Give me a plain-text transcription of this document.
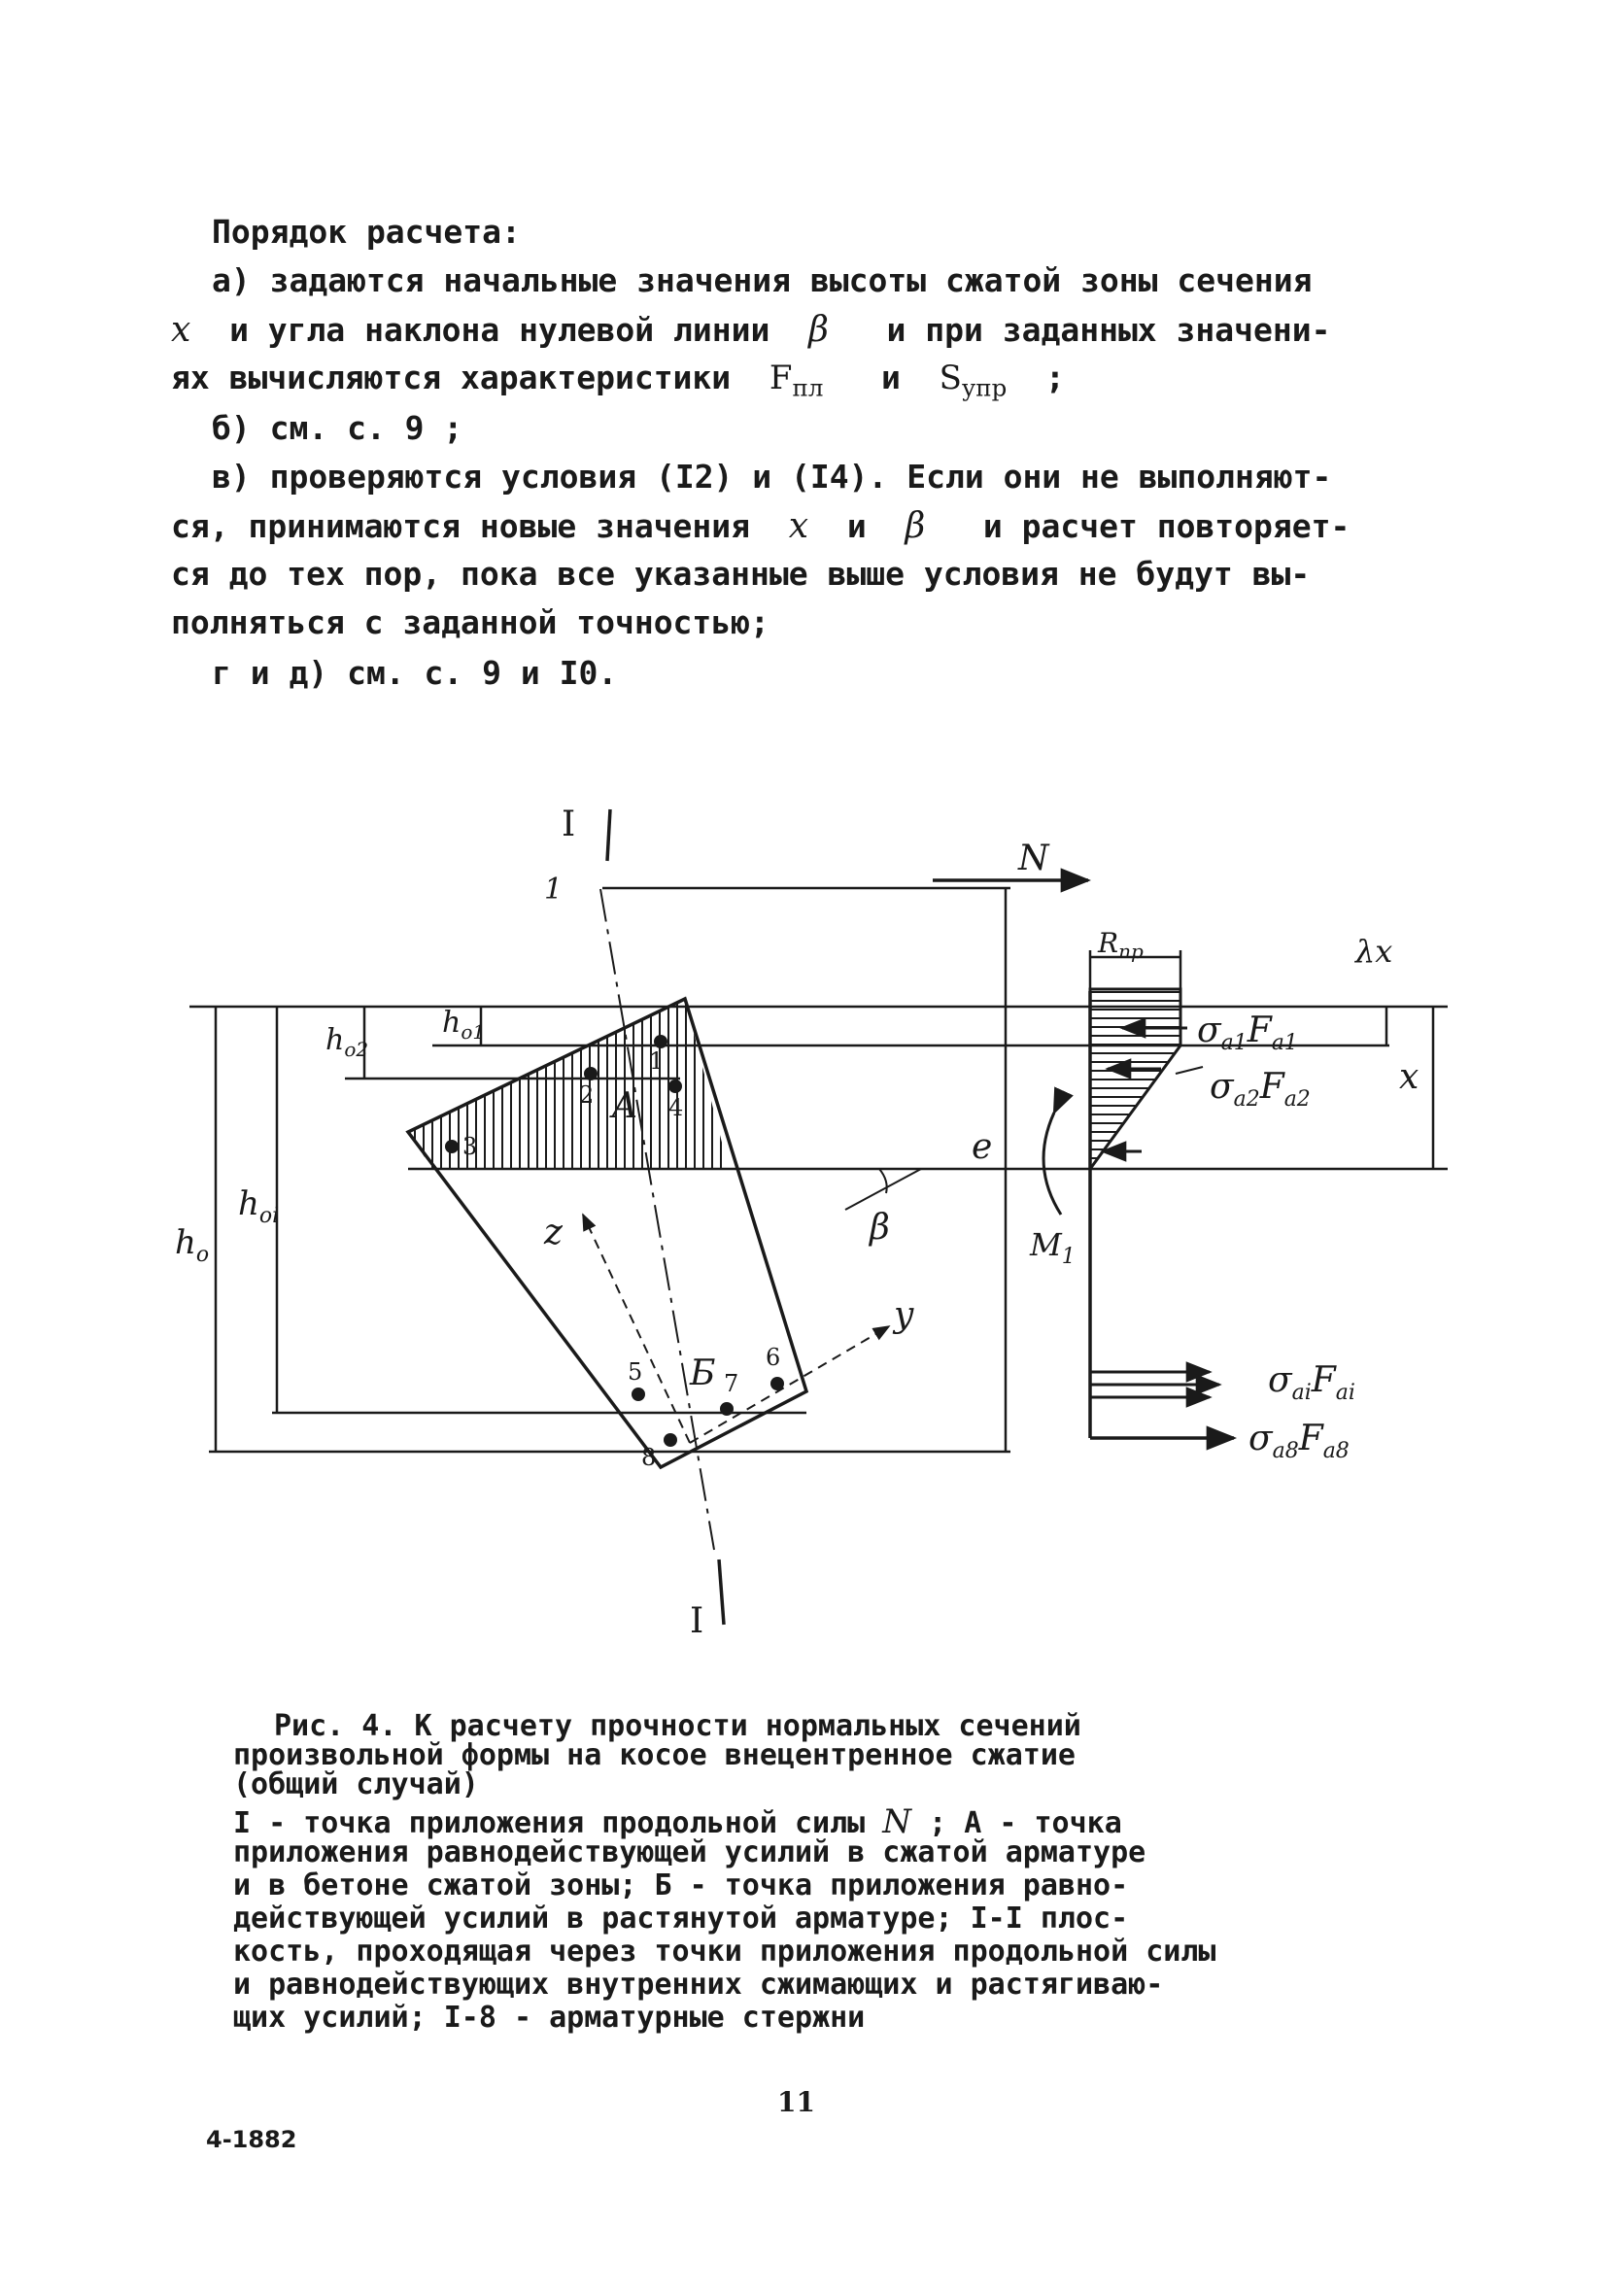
Порядок расчета:
а) задаются начальные значения высоты сжатой зоны сечения
x и угла наклона нулевой линии β и при заданных значени-
ях вычисляются характеристики $F_{пл}$ и $S_{упр}$ ;
б) см. с. 9 ;
в) проверяются условия (I2) и (I4). Если они не выполняют-
ся, принимаются новые значения x и β и расчет повторяет-
ся до тех пор, пока все указанные выше условия не будут вы-
полняться с заданной точностью;
г и д) см. с. 9 и I0.
I
I
N
1
A
Б
z
y
β
e
x
λx
$R_{пр}$
$M_1$
$h_o$
$h_{oi}$
$h_{o2}$
$h_{o1}$	$\sigma_{a1}F_{a1}$
$\sigma_{a2}F_{a2}$
$\sigma_{ai}F_{ai}$
$\sigma_{a8}F_{a8}$
1
2
3
4
5
6
7
8
Рис. 4. К расчету прочности нормальных сечений
произвольной формы на косое внецентренное сжатие
(общий случай)
I - точка приложения продольной силы N ; А - точка
приложения равнодействующей усилий в сжатой арматуре
и в бетоне сжатой зоны; Б - точка приложения равно-
действующей усилий в растянутой арматуре; I-I плос-
кость, проходящая через точки приложения продольной силы
и равнодействующих внутренних сжимающих и растягиваю-
щих усилий; I-8 - арматурные стержни
11
4-1882
